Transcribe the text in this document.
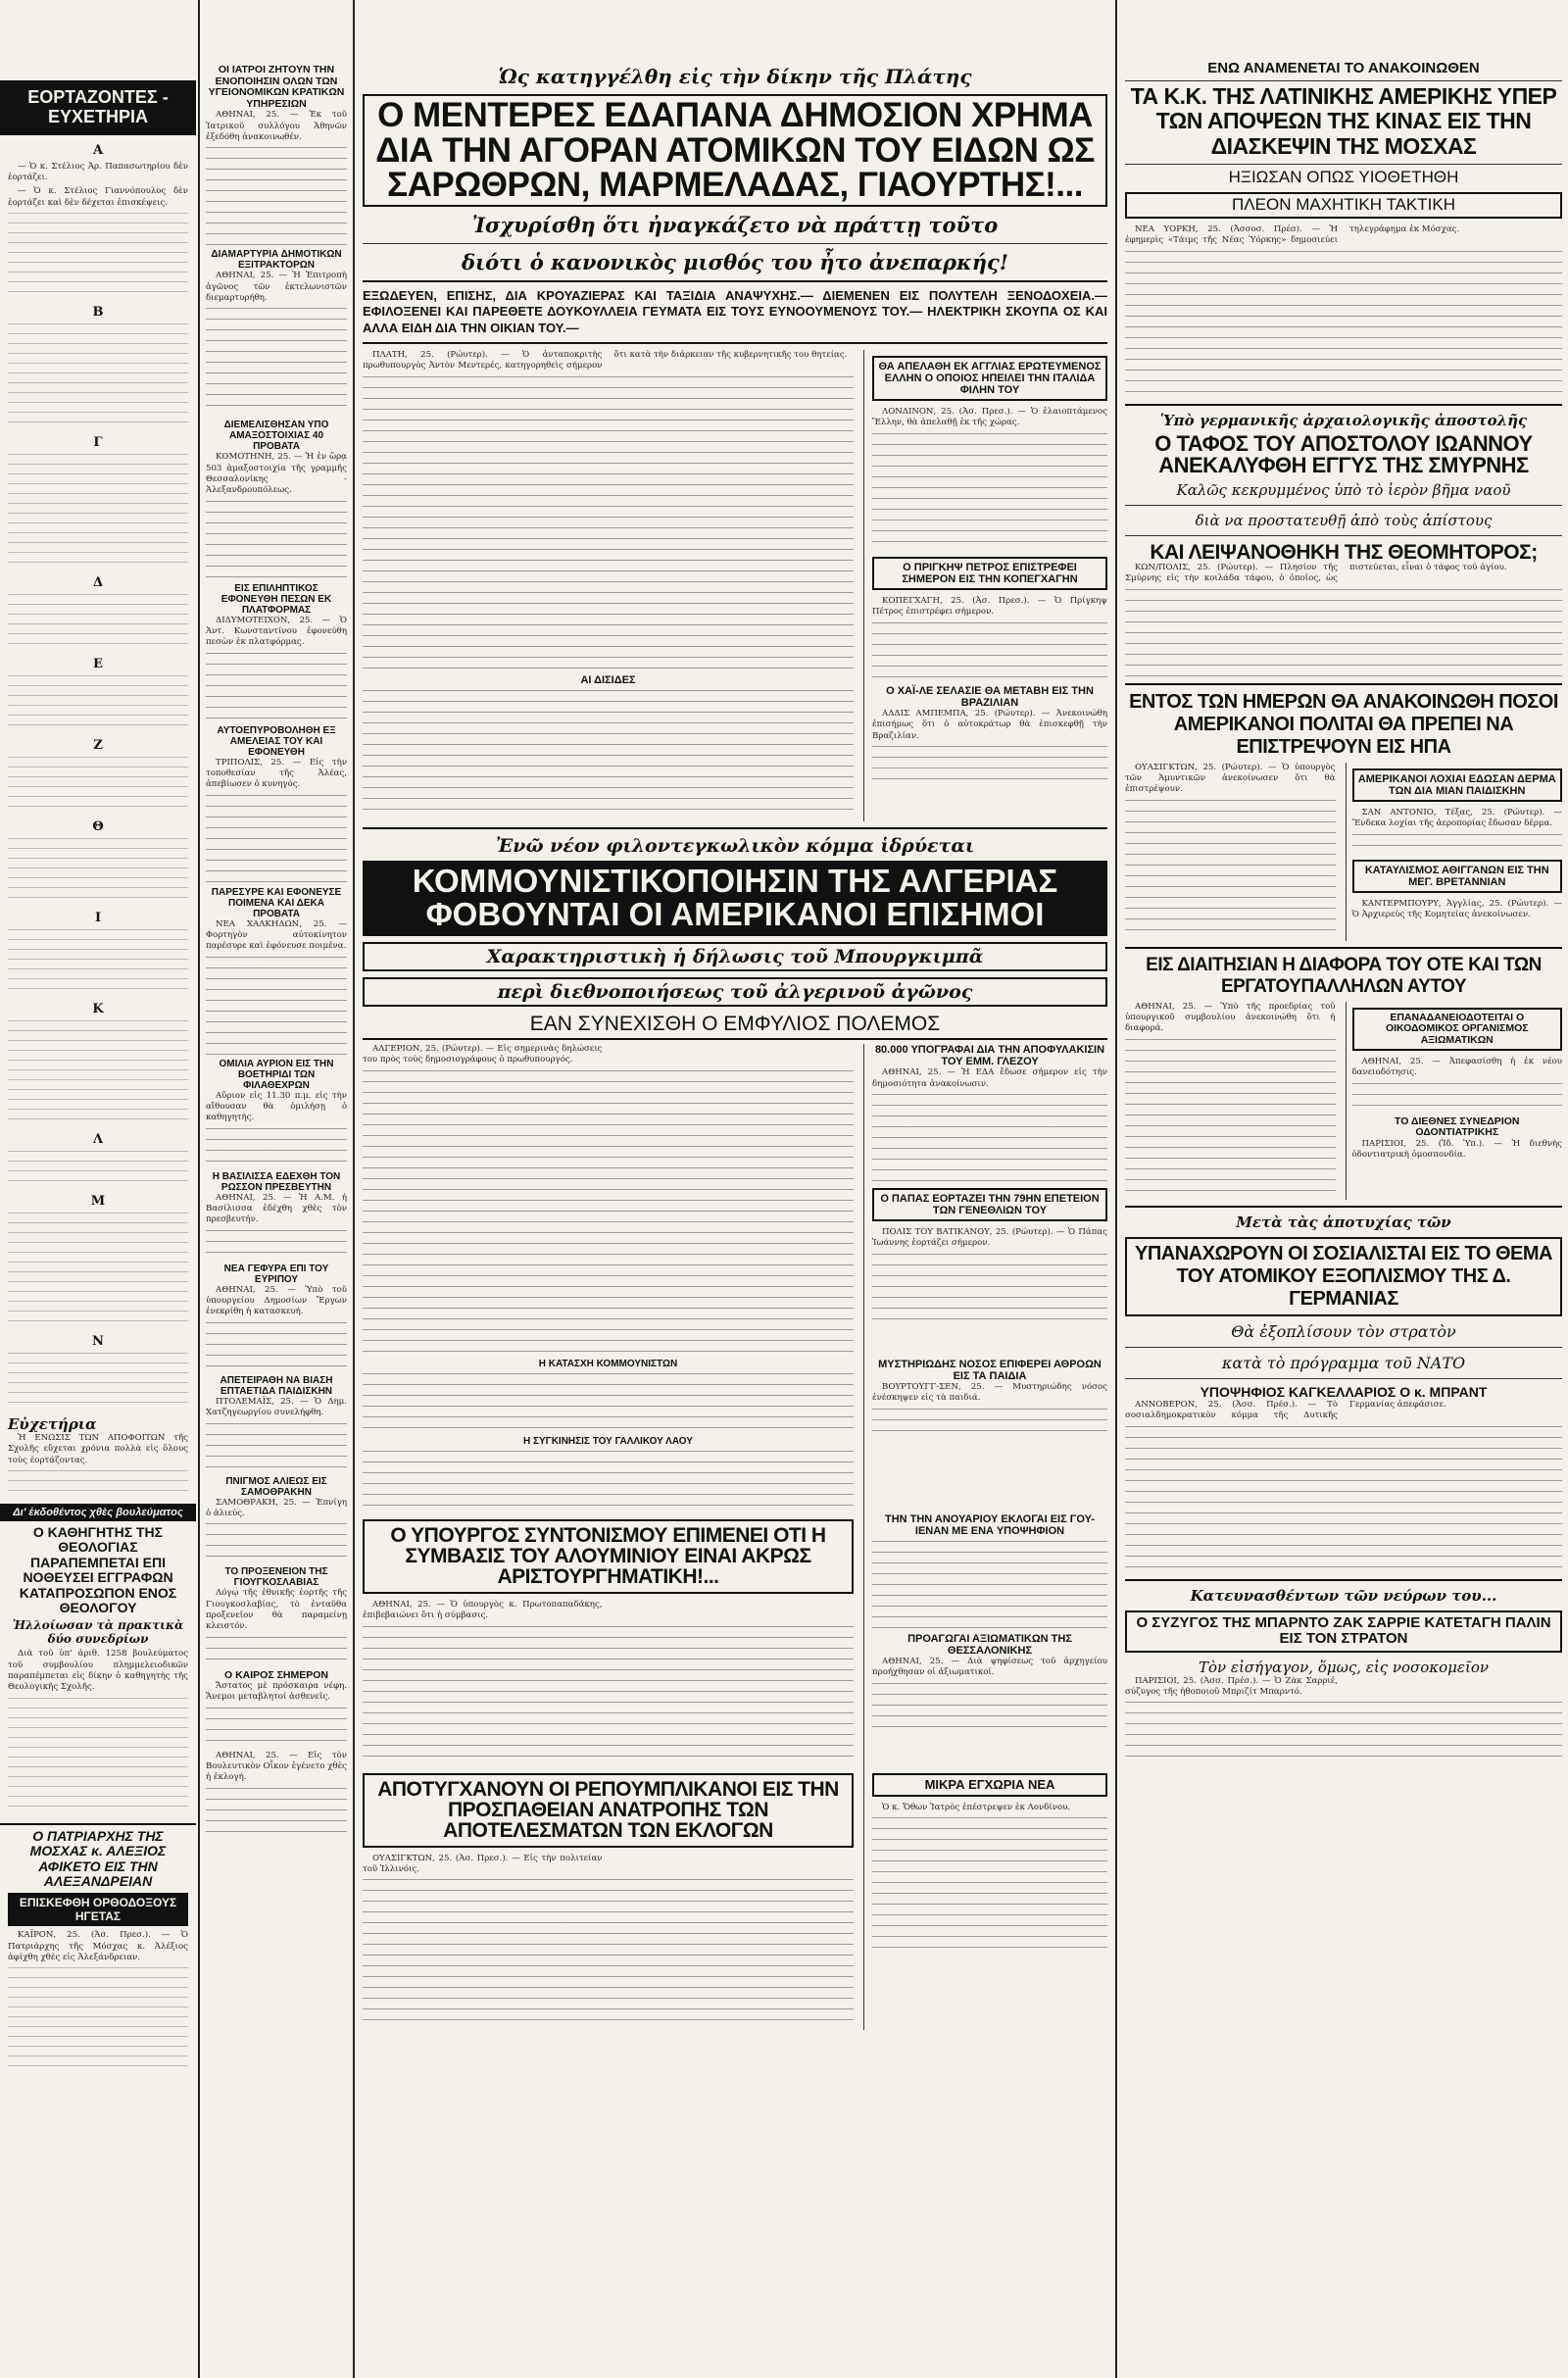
ΕΟΡΤΑΖΟΝΤΕΣ - ΕΥΧΕΤΗΡΙΑ
Α

— Ὁ κ. Στέλιος Ἀρ. Παπασωτηρίου δὲν ἑορτάζει.

— Ὁ κ. Στέλιος Γιαννόπουλος δὲν ἑορτάζει καὶ δὲν δέχεται ἐπισκέψεις.

Β
Γ
Δ
Ε
Ζ
Θ
Ι
Κ
Λ
Μ
Ν
Εὐχετήρια

Ἡ ΕΝΩΣΙΣ ΤΩΝ ΑΠΟΦΟΙΤΩΝ τῆς Σχολῆς εὔχεται χρόνια πολλὰ εἰς ὅλους τοὺς ἑορτάζοντας.

Δι' ἐκδοθέντος χθὲς βουλεύματος
Ο ΚΑΘΗΓΗΤΗΣ ΤΗΣ ΘΕΟΛΟΓΙΑΣ ΠΑΡΑΠΕΜΠΕΤΑΙ ΕΠΙ ΝΟΘΕΥΣΕΙ ΕΓΓΡΑΦΩΝ ΚΑΤΑΠΡΟΣΩΠΟΝ ΕΝΟΣ ΘΕΟΛΟΓΟΥ
Ἠλλοίωσαν τὰ πρακτικὰ δύο συνεδρίων

Διὰ τοῦ ὑπ' ἀριθ. 1258 βουλεύματος τοῦ συμβουλίου πλημμελειοδικῶν παραπέμπεται εἰς δίκην ὁ καθηγητὴς τῆς Θεολογικῆς Σχολῆς.

Ο ΠΑΤΡΙΑΡΧΗΣ ΤΗΣ ΜΟΣΧΑΣ κ. ΑΛΕΞΙΟΣ ΑΦΙΚΕΤΟ ΕΙΣ ΤΗΝ ΑΛΕΞΑΝΔΡΕΙΑΝ
ΕΠΙΣΚΕΦΘΗ ΟΡΘΟΔΟΞΟΥΣ ΗΓΕΤΑΣ

ΚΑΪΡΟΝ, 25. (Ἀσ. Πρεσ.). — Ὁ Πατριάρχης τῆς Μόσχας κ. Ἀλέξιος ἀφίχθη χθὲς εἰς Ἀλεξάνδρειαν.

ΟΙ ΙΑΤΡΟΙ ΖΗΤΟΥΝ ΤΗΝ ΕΝΟΠΟΙΗΣΙΝ ΟΛΩΝ ΤΩΝ ΥΓΕΙΟΝΟΜΙΚΩΝ ΚΡΑΤΙΚΩΝ ΥΠΗΡΕΣΙΩΝ

ΑΘΗΝΑΙ, 25. — Ἐκ τοῦ Ἰατρικοῦ συλλόγου Ἀθηνῶν ἐξεδόθη ἀνακοινωθέν.

ΔΙΑΜΑΡΤΥΡΙΑ ΔΗΜΟΤΙΚΩΝ ΕΞΙΤΡΑΚΤΟΡΩΝ

ΑΘΗΝΑΙ, 25. — Ἡ Ἐπιτροπὴ ἀγῶνος τῶν ἐκτελωνιστῶν διεμαρτυρήθη.

ΔΙΕΜΕΛΙΣΘΗΣΑΝ ΥΠΟ ΑΜΑΞΟΣΤΟΙΧΙΑΣ 40 ΠΡΟΒΑΤΑ

ΚΟΜΟΤΗΝΗ, 25. — Ἡ ἐν ὥρᾳ 503 ἀμαξοστοιχία τῆς γραμμῆς Θεσσαλονίκης - Ἀλεξανδρουπόλεως.

ΕΙΣ ΕΠΙΛΗΠΤΙΚΟΣ ΕΦΟΝΕΥΘΗ ΠΕΣΩΝ ΕΚ ΠΛΑΤΦΟΡΜΑΣ

ΔΙΔΥΜΟΤΕΙΧΟΝ, 25. — Ὁ Ἀντ. Κωνσταντίνου ἐφονεύθη πεσὼν ἐκ πλατφόρμας.

ΑΥΤΟΕΠΥΡΟΒΟΛΗΘΗ ΕΞ ΑΜΕΛΕΙΑΣ ΤΟΥ ΚΑΙ ΕΦΟΝΕΥΘΗ

ΤΡΙΠΟΛΙΣ, 25. — Εἰς τὴν τοποθεσίαν τῆς Ἀλέας, ἀπεβίωσεν ὁ κυνηγός.

ΠΑΡΕΣΥΡΕ ΚΑΙ ΕΦΟΝΕΥΣΕ ΠΟΙΜΕΝΑ ΚΑΙ ΔΕΚΑ ΠΡΟΒΑΤΑ

ΝΕΑ ΧΑΛΚΗΔΩΝ, 25. — Φορτηγὸν αὐτοκίνητον παρέσυρε καὶ ἐφόνευσε ποιμένα.

ΟΜΙΛΙΑ ΑΥΡΙΟΝ ΕΙΣ ΤΗΝ ΒΟΕΤΗΡΙΔΙ ΤΩΝ ΦΙΛΑΘΕΧΡΩΝ

Αὔριον εἰς 11.30 π.μ. εἰς τὴν αἴθουσαν θὰ ὁμιλήσῃ ὁ καθηγητής.

Η ΒΑΣΙΛΙΣΣΑ ΕΔΕΧΘΗ ΤΟΝ ΡΩΣΣΟΝ ΠΡΕΣΒΕΥΤΗΝ

ΑΘΗΝΑΙ, 25. — Ἡ Α.Μ. ἡ Βασίλισσα ἐδέχθη χθὲς τὸν πρεσβευτήν.

ΝΕΑ ΓΕΦΥΡΑ ΕΠΙ ΤΟΥ ΕΥΡΙΠΟΥ

ΑΘΗΝΑΙ, 25. — Ὑπὸ τοῦ ὑπουργείου Δημοσίων Ἔργων ἐνεκρίθη ἡ κατασκευή.

ΑΠΕΤΕΙΡΑΘΗ ΝΑ ΒΙΑΣΗ ΕΠΤΑΕΤΙΔΑ ΠΑΙΔΙΣΚΗΝ

ΠΤΟΛΕΜΑΪΣ, 25. — Ὁ Δημ. Χατζηγεωργίου συνελήφθη.

ΠΝΙΓΜΟΣ ΑΛΙΕΩΣ ΕΙΣ ΣΑΜΟΘΡΑΚΗΝ

ΣΑΜΟΘΡΑΚΗ, 25. — Ἐπνίγη ὁ ἁλιεύς.

ΤΟ ΠΡΟΞΕΝΕΙΟΝ ΤΗΣ ΓΙΟΥΓΚΟΣΛΑΒΙΑΣ

Λόγῳ τῆς ἐθνικῆς ἑορτῆς τῆς Γιουγκοσλαβίας, τὸ ἐνταῦθα προξενεῖον θὰ παραμείνῃ κλειστόν.

Ο ΚΑΙΡΟΣ ΣΗΜΕΡΟΝ

Ἄστατος μὲ πρόσκαιρα νέφη. Ἄνεμοι μεταβλητοί ἀσθενεῖς.

ΑΘΗΝΑΙ, 25. — Εἰς τὸν Βουλευτικὸν Οἶκον ἐγένετο χθὲς ἡ ἐκλογή.

Ὡς κατηγγέλθη εἰς τὴν δίκην τῆς Πλάτης
Ο ΜΕΝΤΕΡΕΣ ΕΔΑΠΑΝΑ ΔΗΜΟΣΙΟΝ ΧΡΗΜΑ ΔΙΑ ΤΗΝ ΑΓΟΡΑΝ ΑΤΟΜΙΚΩΝ ΤΟΥ ΕΙΔΩΝ ΩΣ ΣΑΡΩΘΡΩΝ, ΜΑΡΜΕΛΑΔΑΣ, ΓΙΑΟΥΡΤΗΣ!...
Ἰσχυρίσθη ὅτι ἠναγκάζετο νὰ πράττῃ τοῦτο
διότι ὁ κανονικὸς μισθός του ἦτο ἀνεπαρκής!
ΕΞΩΔΕΥΕΝ, ΕΠΙΣΗΣ, ΔΙΑ ΚΡΟΥΑΖΙΕΡΑΣ ΚΑΙ ΤΑΞΙΔΙΑ ΑΝΑΨΥΧΗΣ.— ΔΙΕΜΕΝΕΝ ΕΙΣ ΠΟΛΥΤΕΛΗ ΞΕΝΟΔΟΧΕΙΑ.— ΕΦΙΛΟΞΕΝΕΙ ΚΑΙ ΠΑΡΕΘΕΤΕ ΔΟΥΚΟΥΛΛΕΙΑ ΓΕΥΜΑΤΑ ΕΙΣ ΤΟΥΣ ΕΥΝΟΟΥΜΕΝΟΥΣ ΤΟΥ.— ΗΛΕΚΤΡΙΚΗ ΣΚΟΥΠΑ ΟΣ ΚΑΙ ΑΛΛΑ ΕΙΔΗ ΔΙΑ ΤΗΝ ΟΙΚΙΑΝ ΤΟΥ.—

ΠΛΑΤΗ, 25. (Ρώυτερ). — Ὁ ἀνταποκριτὴς πρωθυπουργὸς Ἀντὸν Μεντερές, κατηγορηθεὶς σήμερον ὅτι κατὰ τὴν διάρκειαν τῆς κυβερνητικῆς του θητείας.

ΑΙ ΔΙΣΙΔΕΣ
ΘΑ ΑΠΕΛΑΘΗ ΕΚ ΑΓΓΛΙΑΣ ΕΡΩΤΕΥΜΕΝΟΣ ΕΛΛΗΝ Ο ΟΠΟΙΟΣ ΗΠΕΙΛΕΙ ΤΗΝ ΙΤΑΛΙΔΑ ΦΙΛΗΝ ΤΟΥ

ΛΟΝΔΙΝΟΝ, 25. (Ἀσ. Πρεσ.). — Ὁ ἐλαιοπτάμενος Ἕλλην, θὰ ἀπελαθῇ ἐκ τῆς χώρας.

Ο ΠΡΙΓΚΗΨ ΠΕΤΡΟΣ ΕΠΙΣΤΡΕΦΕΙ ΣΗΜΕΡΟΝ ΕΙΣ ΤΗΝ ΚΟΠΕΓΧΑΓΗΝ

ΚΟΠΕΓΧΑΓΗ, 25. (Ἀσ. Πρεσ.). — Ὁ Πρίγκηψ Πέτρος ἐπιστρέφει σήμερον.

Ο ΧΑΪ-ΛΕ ΣΕΛΑΣΙΕ ΘΑ ΜΕΤΑΒΗ ΕΙΣ ΤΗΝ ΒΡΑΖΙΛΙΑΝ

ΑΔΔΙΣ ΑΜΠΕΜΠΑ, 25. (Ρώυτερ). — Ἀνεκοινώθη ἐπισήμως ὅτι ὁ αὐτοκράτωρ θὰ ἐπισκεφθῇ τὴν Βραζιλίαν.

Ἐνῶ νέον φιλοντεγκωλικὸν κόμμα ἱδρύεται
ΚΟΜΜΟΥΝΙΣΤΙΚΟΠΟΙΗΣΙΝ ΤΗΣ ΑΛΓΕΡΙΑΣ ΦΟΒΟΥΝΤΑΙ ΟΙ ΑΜΕΡΙΚΑΝΟΙ ΕΠΙΣΗΜΟΙ
Χαρακτηριστικὴ ἡ δήλωσις τοῦ Μπουργκιμπᾶ
περὶ διεθνοποιήσεως τοῦ ἀλγερινοῦ ἀγῶνος
ΕΑΝ ΣΥΝΕΧΙΣΘΗ Ο ΕΜΦΥΛΙΟΣ ΠΟΛΕΜΟΣ

ΑΛΓΕΡΙΟΝ, 25. (Ρώυτερ). — Εἰς σημερινὰς δηλώσεις του πρὸς τοὺς δημοσιογράφους ὁ πρωθυπουργός.

80.000 ΥΠΟΓΡΑΦΑΙ ΔΙΑ ΤΗΝ ΑΠΟΦΥΛΑΚΙΣΙΝ ΤΟΥ ΕΜΜ. ΓΛΕΖΟΥ

ΑΘΗΝΑΙ, 25. — Ἡ ΕΔΑ ἔδωσε σήμερον εἰς τὴν δημοσιότητα ἀνακοίνωσιν.

Ο ΠΑΠΑΣ ΕΟΡΤΑΖΕΙ ΤΗΝ 79ΗΝ ΕΠΕΤΕΙΟΝ ΤΩΝ ΓΕΝΕΘΛΙΩΝ ΤΟΥ

ΠΟΛΙΣ ΤΟΥ ΒΑΤΙΚΑΝΟΥ, 25. (Ρώυτερ). — Ὁ Πάπας Ἰωάννης ἑορτάζει σήμερον.

Η ΚΑΤΑΣΧΗ ΚΟΜΜΟΥΝΙΣΤΩΝ
Η ΣΥΓΚΙΝΗΣΙΣ ΤΟΥ ΓΑΛΛΙΚΟΥ ΛΑΟΥ
ΜΥΣΤΗΡΙΩΔΗΣ ΝΟΣΟΣ ΕΠΙΦΕΡΕΙ ΑΘΡΟΩΝ ΕΙΣ ΤΑ ΠΑΙΔΙΑ

ΒΟΥΡΤΟΥΓΓ-ΣΕΝ, 25. — Μυστηριώδης νόσος ἐνέσκηψεν εἰς τὰ παιδιά.

Ο ΥΠΟΥΡΓΟΣ ΣΥΝΤΟΝΙΣΜΟΥ ΕΠΙΜΕΝΕΙ ΟΤΙ Η ΣΥΜΒΑΣΙΣ ΤΟΥ ΑΛΟΥΜΙΝΙΟΥ ΕΙΝΑΙ ΑΚΡΩΣ ΑΡΙΣΤΟΥΡΓΗΜΑΤΙΚΗ!...

ΑΘΗΝΑΙ, 25. — Ὁ ὑπουργὸς κ. Πρωτοπαπαδάκης, ἐπιβεβαιώνει ὅτι ἡ σύμβασις.

ΤΗΝ ΤΗΝ ΑΝΟΥΑΡΙΟΥ ΕΚΛΟΓΑΙ ΕΙΣ ΓΟΥ-ΙΕΝΑΝ ΜΕ ΕΝΑ ΥΠΟΨΗΦΙΟΝ
ΠΡΟΑΓΩΓΑΙ ΑΞΙΩΜΑΤΙΚΩΝ ΤΗΣ ΘΕΣΣΑΛΟΝΙΚΗΣ

ΑΘΗΝΑΙ, 25. — Διὰ ψηφίσεως τοῦ ἀρχηγείου προήχθησαν οἱ ἀξιωματικοί.

ΑΠΟΤΥΓΧΑΝΟΥΝ ΟΙ ΡΕΠΟΥΜΠΛΙΚΑΝΟΙ ΕΙΣ ΤΗΝ ΠΡΟΣΠΑΘΕΙΑΝ ΑΝΑΤΡΟΠΗΣ ΤΩΝ ΑΠΟΤΕΛΕΣΜΑΤΩΝ ΤΩΝ ΕΚΛΟΓΩΝ

ΟΥΑΣΙΓΚΤΩΝ, 25. (Ἀσ. Πρεσ.). — Εἰς τὴν πολιτείαν τοῦ Ἰλλινόις.

ΜΙΚΡΑ ΕΓΧΩΡΙΑ ΝΕΑ

Ὁ κ. Ὄθων Ἰατρὸς ἐπέστρεψεν ἐκ Λονδίνου.

ΕΝΩ ΑΝΑΜΕΝΕΤΑΙ ΤΟ ΑΝΑΚΟΙΝΩΘΕΝ
ΤΑ Κ.Κ. ΤΗΣ ΛΑΤΙΝΙΚΗΣ ΑΜΕΡΙΚΗΣ ΥΠΕΡ ΤΩΝ ΑΠΟΨΕΩΝ ΤΗΣ ΚΙΝΑΣ ΕΙΣ ΤΗΝ ΔΙΑΣΚΕΨΙΝ ΤΗΣ ΜΟΣΧΑΣ
ΗΞΙΩΣΑΝ ΟΠΩΣ ΥΙΟΘΕΤΗΘΗ
ΠΛΕΟΝ ΜΑΧΗΤΙΚΗ ΤΑΚΤΙΚΗ

ΝΕΑ ΥΟΡΚΗ, 25. (Ἀσσοσ. Πρέσ). — Ἡ ἐφημερὶς «Τάιμς τῆς Νέας Ὑόρκης» δημοσιεύει τηλεγράφημα ἐκ Μόσχας.

Ὑπὸ γερμανικῆς ἀρχαιολογικῆς ἀποστολῆς
Ο ΤΑΦΟΣ ΤΟΥ ΑΠΟΣΤΟΛΟΥ ΙΩΑΝΝΟΥ ΑΝΕΚΑΛΥΦΘΗ ΕΓΓΥΣ ΤΗΣ ΣΜΥΡΝΗΣ
Καλῶς κεκρυμμένος ὑπὸ τὸ ἱερὸν βῆμα ναοῦ
διὰ να προστατευθῇ ἀπὸ τοὺς ἀπίστους
ΚΑΙ ΛΕΙΨΑΝΟΘΗΚΗ ΤΗΣ ΘΕΟΜΗΤΟΡΟΣ;

ΚΩΝ/ΠΟΛΙΣ, 25. (Ρώυτερ). — Πλησίον τῆς Σμύρνης εἰς τὴν κοιλάδα τάφου, ὁ ὁποῖος, ὡς πιστεύεται, εἶναι ὁ τάφος τοῦ ἁγίου.

ΕΝΤΟΣ ΤΩΝ ΗΜΕΡΩΝ ΘΑ ΑΝΑΚΟΙΝΩΘΗ ΠΟΣΟΙ ΑΜΕΡΙΚΑΝΟΙ ΠΟΛΙΤΑΙ ΘΑ ΠΡΕΠΕΙ ΝΑ ΕΠΙΣΤΡΕΨΟΥΝ ΕΙΣ ΗΠΑ

ΟΥΑΣΙΓΚΤΩΝ, 25. (Ρώυτερ). — Ὁ ὑπουργὸς τῶν Ἀμυντικῶν ἀνεκοίνωσεν ὅτι θὰ ἐπιστρέψουν.

ΑΜΕΡΙΚΑΝΟΙ ΛΟΧΙΑΙ ΕΔΩΣΑΝ ΔΕΡΜΑ ΤΩΝ ΔΙΑ ΜΙΑΝ ΠΑΙΔΙΣΚΗΝ

ΣΑΝ ΑΝΤΟΝΙΟ, Τέξας, 25. (Ρώυτερ). — Ἕνδεκα λοχίαι τῆς ἀεροπορίας ἔδωσαν δέρμα.

ΚΑΤΑΥΛΙΣΜΟΣ ΑΘΙΓΓΑΝΩΝ ΕΙΣ ΤΗΝ ΜΕΓ. ΒΡΕΤΑΝΝΙΑΝ

ΚΑΝΤΕΡΜΠΟΥΡΥ, Ἀγγλίας, 25. (Ρώυτερ). — Ὁ Ἀρχιερεὺς τῆς Κομητείας ἀνεκοίνωσεν.

ΕΙΣ ΔΙΑΙΤΗΣΙΑΝ Η ΔΙΑΦΟΡΑ ΤΟΥ ΟΤΕ ΚΑΙ ΤΩΝ ΕΡΓΑΤΟΥΠΑΛΛΗΛΩΝ ΑΥΤΟΥ

ΑΘΗΝΑΙ, 25. — Ὑπὸ τῆς προεδρίας τοῦ ὑπουργικοῦ συμβουλίου ἀνεκοινώθη ὅτι ἡ διαφορά.

ΕΠΑΝΑΔΑΝΕΙΟΔΟΤΕΙΤΑΙ Ο ΟΙΚΟΔΟΜΙΚΟΣ ΟΡΓΑΝΙΣΜΟΣ ΑΞΙΩΜΑΤΙΚΩΝ

ΑΘΗΝΑΙ, 25. — Ἀπεφασίσθη ἡ ἐκ νέου δανειοδότησις.

ΤΟ ΔΙΕΘΝΕΣ ΣΥΝΕΔΡΙΟΝ ΟΔΟΝΤΙΑΤΡΙΚΗΣ

ΠΑΡΙΣΙΟΙ, 25. (Ἰδ. Ὑπ.). — Ἡ διεθνὴς ὁδοντιατρικὴ ὁμοσπονδία.

Μετὰ τὰς ἀποτυχίας τῶν
ΥΠΑΝΑΧΩΡΟΥΝ ΟΙ ΣΟΣΙΑΛΙΣΤΑΙ ΕΙΣ ΤΟ ΘΕΜΑ ΤΟΥ ΑΤΟΜΙΚΟΥ ΕΞΟΠΛΙΣΜΟΥ ΤΗΣ Δ. ΓΕΡΜΑΝΙΑΣ
Θὰ ἐξοπλίσουν τὸν στρατὸν
κατὰ τὸ πρόγραμμα τοῦ ΝΑΤΟ
ΥΠΟΨΗΦΙΟΣ ΚΑΓΚΕΛΛΑΡΙΟΣ Ο κ. ΜΠΡΑΝΤ

ΑΝΝΟΒΕΡΟΝ, 25. (Ἀσσ. Πρέσ.). — Τὸ σοσιαλδημοκρατικὸν κόμμα τῆς Δυτικῆς Γερμανίας ἀπεφάσισε.

Κατευνασθέντων τῶν νεύρων του...
Ο ΣΥΖΥΓΟΣ ΤΗΣ ΜΠΑΡΝΤΟ ΖΑΚ ΣΑΡΡΙΕ ΚΑΤΕΤΑΓΗ ΠΑΛΙΝ ΕΙΣ ΤΟΝ ΣΤΡΑΤΟΝ
Τὸν εἰσήγαγον, ὅμως, εἰς νοσοκομεῖον

ΠΑΡΙΣΙΟΙ, 25. (Ἀσσ. Πρέσ.). — Ὁ Ζὰκ Σαρριέ, σύζυγος τῆς ἠθοποιοῦ Μπριζίτ Μπαρντό.
